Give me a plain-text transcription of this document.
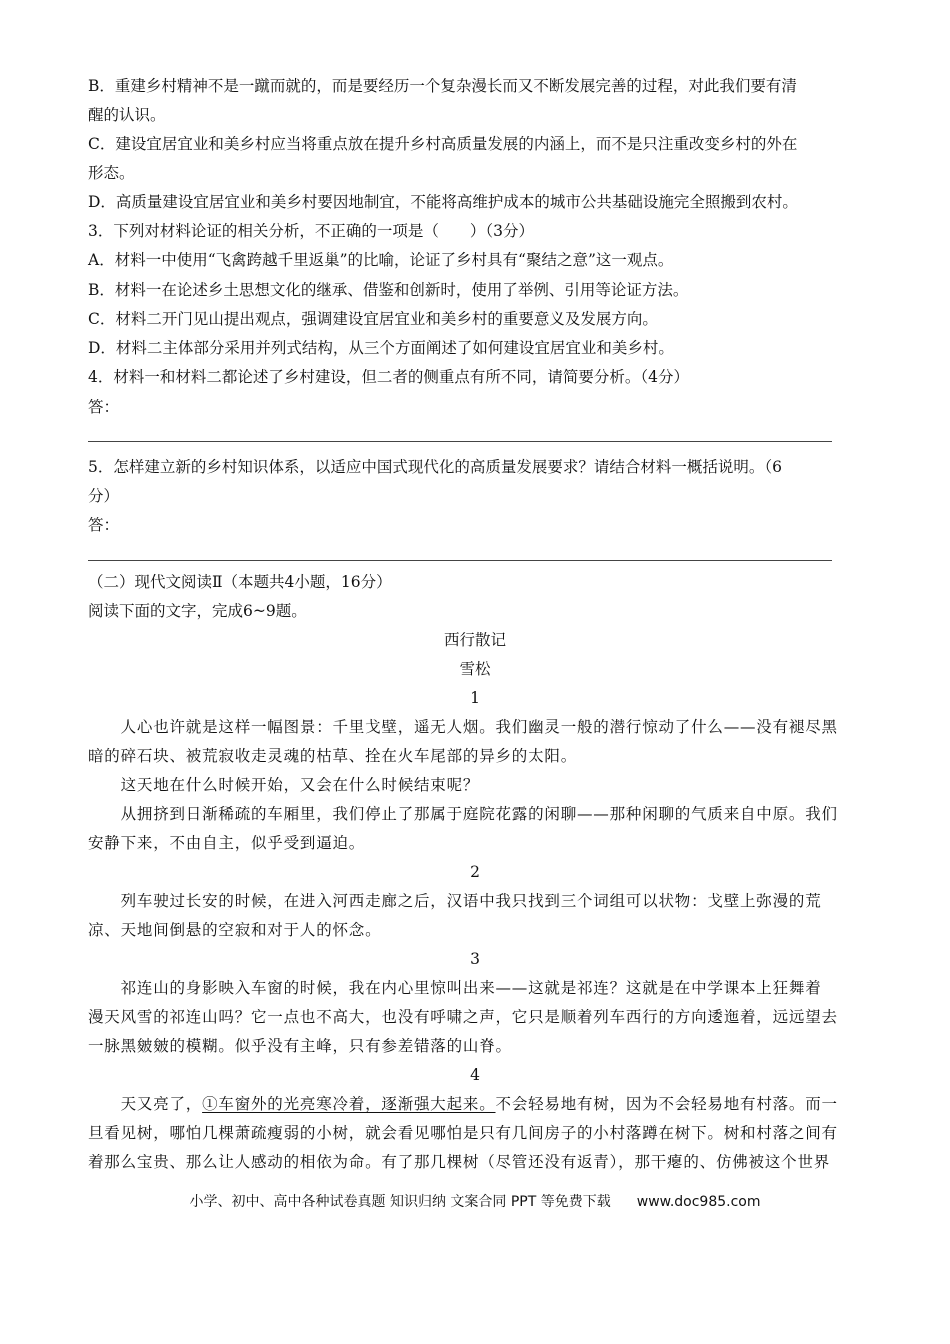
B．重建乡村精神不是一蹴而就的，而是要经历一个复杂漫长而又不断发展完善的过程，对此我们要有清
醒的认识。
C．建设宜居宜业和美乡村应当将重点放在提升乡村高质量发展的内涵上，而不是只注重改变乡村的外在
形态。
D．高质量建设宜居宜业和美乡村要因地制宜，不能将高维护成本的城市公共基础设施完全照搬到农村。
3．下列对材料论证的相关分析，不正确的一项是（　　）（3分）
A．材料一中使用“飞禽跨越千里返巢”的比喻，论证了乡村具有“聚结之意”这一观点。
B．材料一在论述乡土思想文化的继承、借鉴和创新时，使用了举例、引用等论证方法。
C．材料二开门见山提出观点，强调建设宜居宜业和美乡村的重要意义及发展方向。
D．材料二主体部分采用并列式结构，从三个方面阐述了如何建设宜居宜业和美乡村。
4．材料一和材料二都论述了乡村建设，但二者的侧重点有所不同，请简要分析。（4分）
答：
5．怎样建立新的乡村知识体系，以适应中国式现代化的高质量发展要求？请结合材料一概括说明。（6
分）
答：
（二）现代文阅读Ⅱ（本题共4小题，16分）
阅读下面的文字，完成6~9题。
西行散记
雪松
1
　　人心也许就是这样一幅图景：千里戈壁，遥无人烟。我们幽灵一般的潜行惊动了什么——没有褪尽黑
暗的碎石块、被荒寂收走灵魂的枯草、拴在火车尾部的异乡的太阳。
　　这天地在什么时候开始，又会在什么时候结束呢？
　　从拥挤到日渐稀疏的车厢里，我们停止了那属于庭院花露的闲聊——那种闲聊的气质来自中原。我们
安静下来，不由自主，似乎受到逼迫。
2
　　列车驶过长安的时候，在进入河西走廊之后，汉语中我只找到三个词组可以状物：戈壁上弥漫的荒
凉、天地间倒悬的空寂和对于人的怀念。
3
　　祁连山的身影映入车窗的时候，我在内心里惊叫出来——这就是祁连？这就是在中学课本上狂舞着
漫天风雪的祁连山吗？它一点也不高大，也没有呼啸之声，它只是顺着列车西行的方向逶迤着，远远望去
一脉黑皴皴的模糊。似乎没有主峰，只有参差错落的山脊。
4
　　天又亮了，①车窗外的光亮寒冷着，逐渐强大起来。不会轻易地有树，因为不会轻易地有村落。而一
旦看见树，哪怕几棵萧疏瘦弱的小树，就会看见哪怕是只有几间房子的小村落蹲在树下。树和村落之间有
着那么宝贵、那么让人感动的相依为命。有了那几棵树（尽管还没有返青），那干瘪的、仿佛被这个世界
小学、初中、高中各种试卷真题 知识归纳 文案合同 PPT 等免费下载 www.doc985.com
